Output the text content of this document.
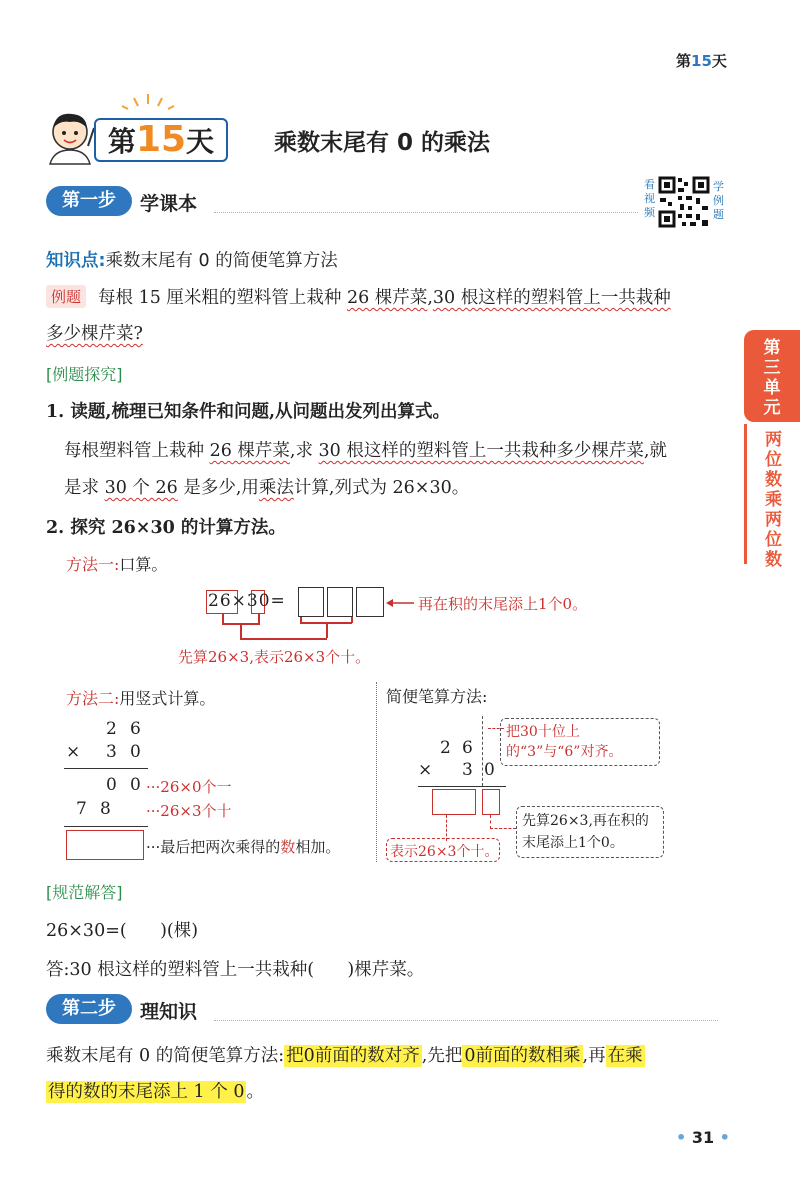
第15天
第15天	乘数末尾有 0 的乘法
第一步	学课本
看
视
频
学
例
题
第三单元
两位数乘两位数
知识点:乘数末尾有 0 的简便笔算方法
例题 每根 15 厘米粗的塑料管上栽种 26 棵芹菜,30 根这样的塑料管上一共栽种
多少棵芹菜?
[例题探究]
1. 读题,梳理已知条件和问题,从问题出发列出算式。
每根塑料管上栽种 26 棵芹菜,求 30 根这样的塑料管上一共栽种多少棵芹菜,就
是求 30 个 26 是多少,用乘法计算,列式为 26×30。
2. 探究 26×30 的计算方法。
方法一:口算。
26×30=	再在积的末尾添上1个0。
先算26×3,表示26×3个十。
方法二:用竖式计算。
2 6
× 3 0
0 0 ···26×0个一
7 8 ···26×3个十
···最后把两次乘得的数相加。
简便笔算方法:
2 6
× 3 0
把30十位上的“3”与“6”对齐。
先算26×3,再在积的末尾添上1个0。
表示26×3个十。
[规范解答]
26×30=(      )(棵)
答:30 根这样的塑料管上一共栽种(      )棵芹菜。
第二步	理知识
乘数末尾有 0 的简便笔算方法: 把0前面的数对齐 ,先把 0前面的数相乘 ,再 在乘
得的数的末尾添上 1 个 0 。
• 31 •
